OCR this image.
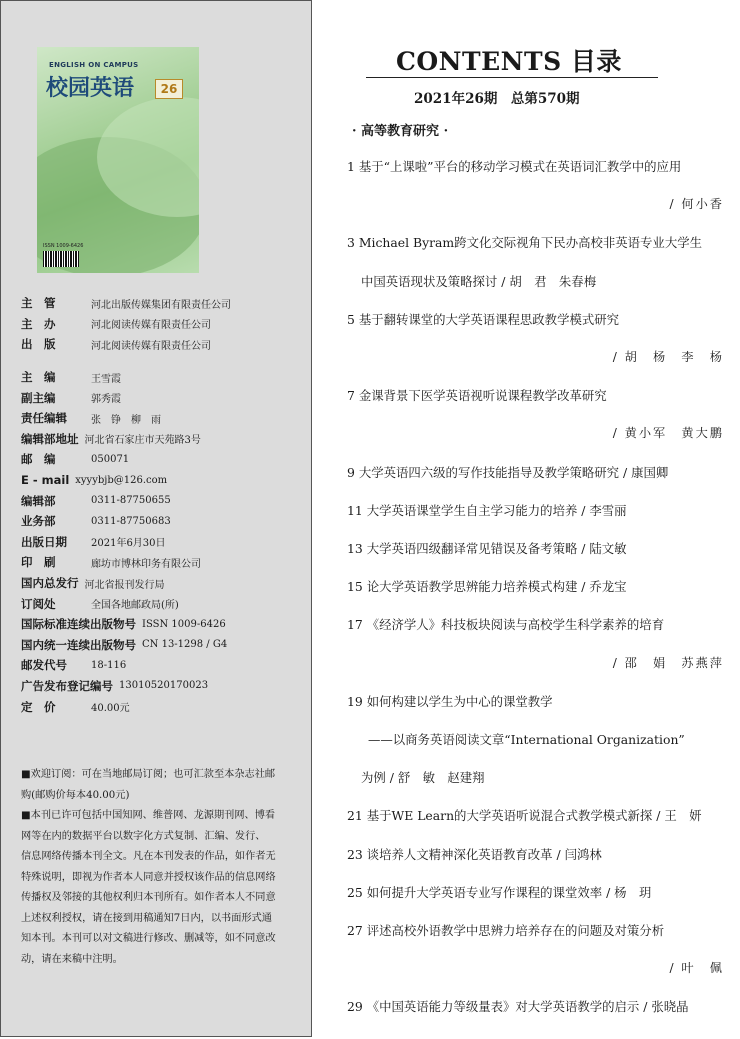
ENGLISH ON CAMPUS
校园英语	26
ISSN 1009-6426
主　管	河北出版传媒集团有限责任公司
主　办	河北阅读传媒有限责任公司
出　版	河北阅读传媒有限责任公司
主　编	王雪霞
副主编	郭秀霞
责任编辑	张　铮　柳　雨
编辑部地址 河北省石家庄市天苑路3号
邮　编	050071
E - mail xyyybjb@126.com
编辑部	0311-87750655
业务部	0311-87750683
出版日期	2021年6月30日
印　刷	廊坊市博林印务有限公司
国内总发行 河北省报刊发行局
订阅处	全国各地邮政局(所)
国际标准连续出版物号 ISSN 1009-6426
国内统一连续出版物号 CN 13-1298 / G4
邮发代号	18-116
广告发布登记编号 13010520170023
定　价	40.00元

■欢迎订阅：可在当地邮局订阅；也可汇款至本杂志社邮

购(邮购价每本40.00元)

■本刊已许可包括中国知网、维普网、龙源期刊网、博看

网等在内的数据平台以数字化方式复制、汇编、发行、

信息网络传播本刊全文。凡在本刊发表的作品，如作者无

特殊说明，即视为作者本人同意并授权该作品的信息网络

传播权及邻接的其他权利归本刊所有。如作者本人不同意

上述权利授权，请在接到用稿通知7日内，以书面形式通

知本刊。本刊可以对文稿进行修改、删减等，如不同意改

动，请在来稿中注明。

CONTENTS 目录
2021年26期　总第570期
· 高等教育研究 ·
1 基于“上课啦”平台的移动学习模式在英语词汇教学中的应用
/ 何小香
3 Michael Byram跨文化交际视角下民办高校非英语专业大学生
中国英语现状及策略探讨 / 胡　君　朱春梅
5 基于翻转课堂的大学英语课程思政教学模式研究
/ 胡　杨　李　杨
7 金课背景下医学英语视听说课程教学改革研究
/ 黄小军　黄大鹏
9 大学英语四六级的写作技能指导及教学策略研究 / 康国卿
11 大学英语课堂学生自主学习能力的培养 / 李雪丽
13 大学英语四级翻译常见错误及备考策略 / 陆文敏
15 论大学英语教学思辨能力培养模式构建 / 乔龙宝
17 《经济学人》科技板块阅读与高校学生科学素养的培育
/ 邵　娟　苏燕萍
19 如何构建以学生为中心的课堂教学
——以商务英语阅读文章“International Organization”
为例 / 舒　敏　赵建翔
21 基于WE Learn的大学英语听说混合式教学模式新探 / 王　妍
23 谈培养人文精神深化英语教育改革 / 闫鸿林
25 如何提升大学英语专业写作课程的课堂效率 / 杨　玥
27 评述高校外语教学中思辨力培养存在的问题及对策分析
/ 叶　佩
29 《中国英语能力等级量表》对大学英语教学的启示 / 张晓晶
